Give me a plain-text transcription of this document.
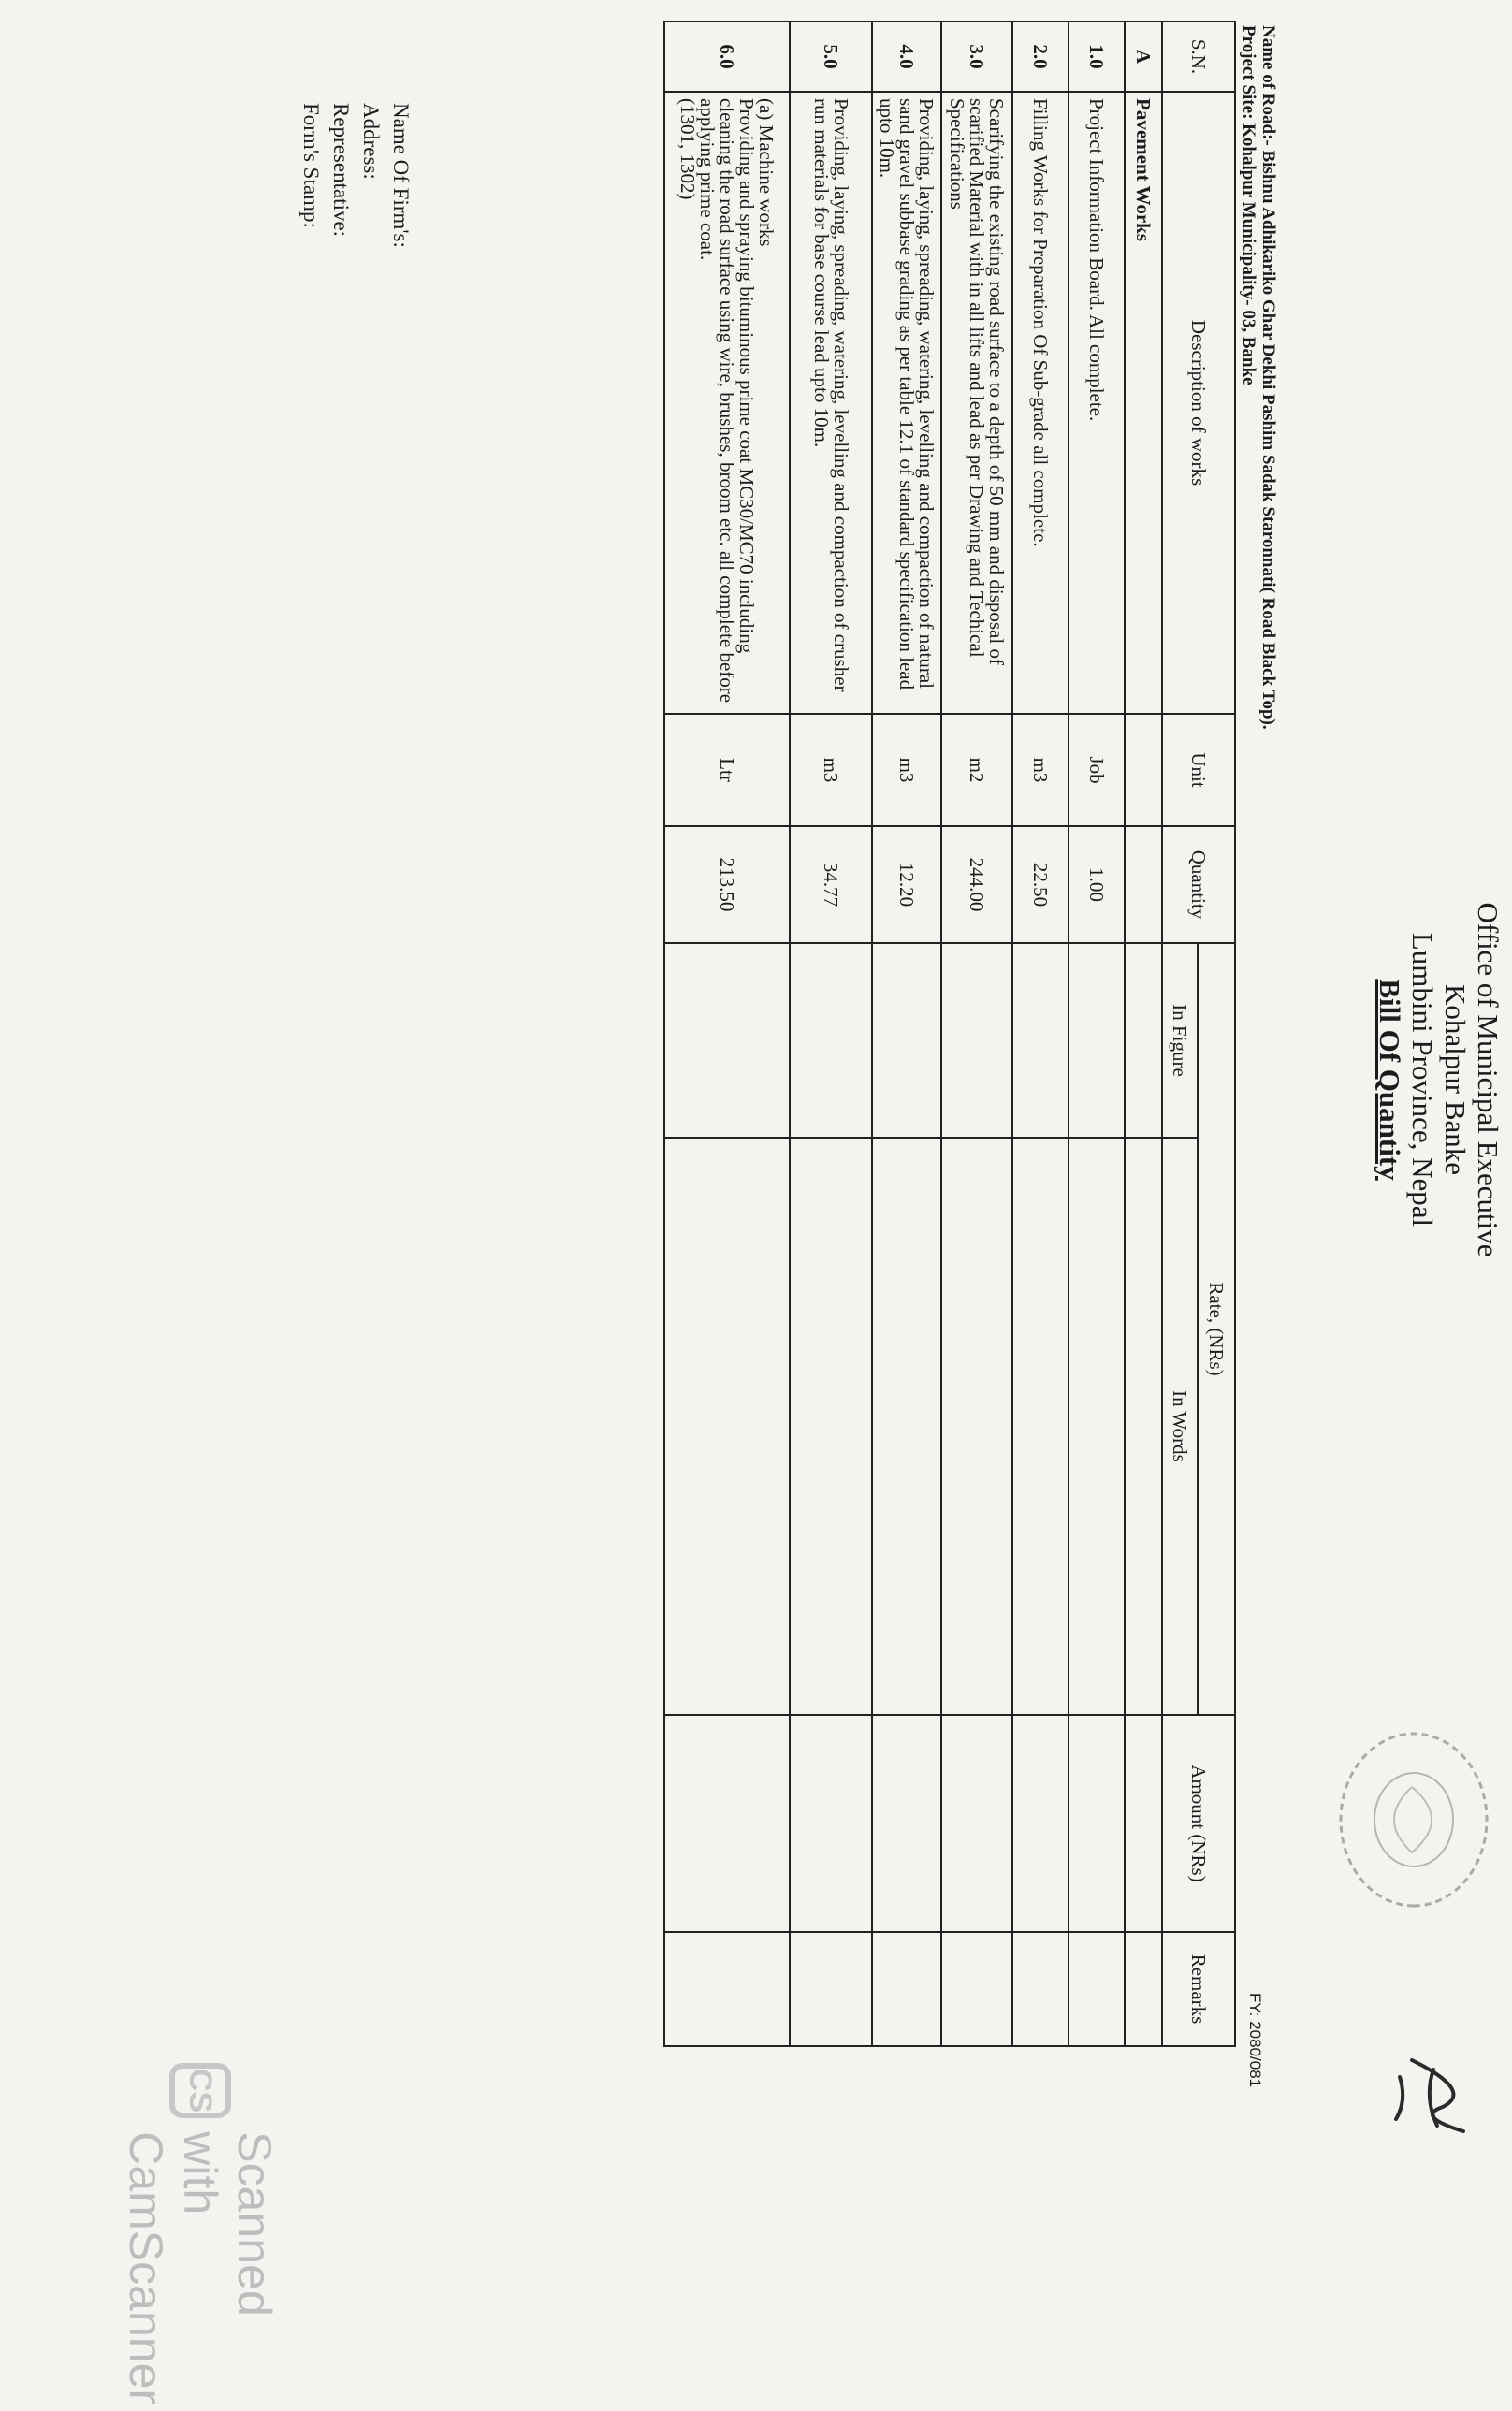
Office of Municipal Executive
Kohalpur Banke
Lumbini Province, Nepal
Bill Of Quantity
FY: 2080/081
Name of Road:- Bishnu Adhikariko Ghar Dekhi Pashim Sadak Staronnati( Road Black Top).
Project Site: Kohalpur Municipality- 03, Banke
S.N.	Description of works	Unit	Quantity	Rate, (NRs)		Amount (NRs)	Remarks
				In Figure	In Words		
A	Pavement Works						
1.0	Project Information Board. All complete.	Job	1.00				
2.0	Filling Works for Preparation Of Sub-grade all complete.	m3	22.50				
3.0	Scarifying the existing road surface to a depth of 50 mm and disposal of scarified Material with in all lifts and lead as per Drawing and Techical Specifications	m2	244.00				
4.0	Providing, laying, spreading, watering, levelling and compaction of natural sand gravel subbase grading as per table 12.1 of standard specification lead upto 10m.	m3	12.20				
5.0	Providing, laying, spreading, watering, levelling and compaction of crusher run materials for base course lead upto 10m.	m3	34.77				
6.0	(a) Machine works
Providing and spraying bituminous prime coat MC30/MC70 including cleaning the road surface using wire, brushes, broom etc. all complete before applying prime coat.
(1301, 1302)	Ltr	213.50				
Name Of Firm's:
Address:
Representative:
Form's Stamp:
CS
Scanned with CamScanner
